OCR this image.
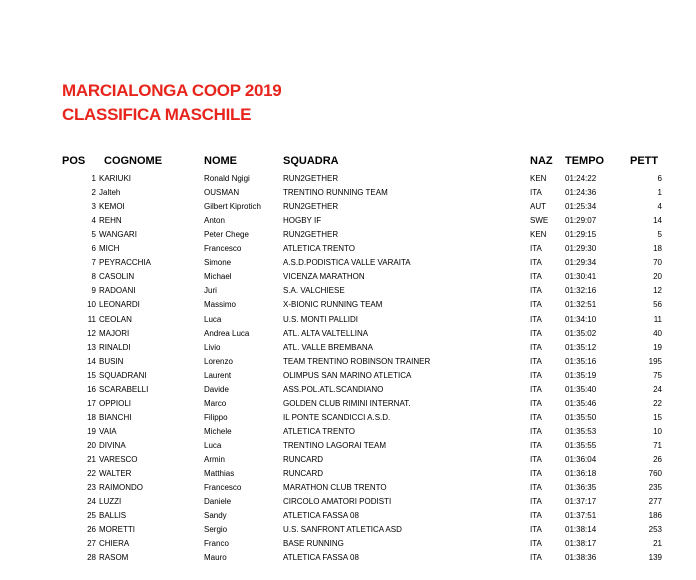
MARCIALONGA COOP 2019
CLASSIFICA MASCHILE
POS COGNOME	NOME	SQUADRA	NAZ TEMPO PETT
1 KARIUKI	Ronald Ngigi	RUN2GETHER	KEN 01:24:22	6
2 Jalteh	OUSMAN	TRENTINO RUNNING TEAM	ITA	01:24:36	1
3 KEMOI	Gilbert Kiprotich	RUN2GETHER	AUT 01:25:34	4
4 REHN	Anton	HOGBY IF	SWE 01:29:07	14
5 WANGARI	Peter Chege	RUN2GETHER	KEN 01:29:15	5
6 MICH	Francesco	ATLETICA TRENTO	ITA	01:29:30	18
7 PEYRACCHIA	Simone	A.S.D.PODISTICA VALLE VARAITA	ITA	01:29:34	70
8 CASOLIN	Michael	VICENZA MARATHON	ITA	01:30:41	20
9 RADOANI	Juri	S.A. VALCHIESE	ITA	01:32:16	12
10 LEONARDI	Massimo	X-BIONIC RUNNING TEAM	ITA	01:32:51	56
11 CEOLAN	Luca	U.S. MONTI PALLIDI	ITA	01:34:10	11
12 MAJORI	Andrea Luca	ATL. ALTA VALTELLINA	ITA	01:35:02	40
13 RINALDI	Livio	ATL. VALLE BREMBANA	ITA	01:35:12	19
14 BUSIN	Lorenzo	TEAM TRENTINO ROBINSON TRAINER	ITA	01:35:16	195
15 SQUADRANI	Laurent	OLIMPUS SAN MARINO ATLETICA	ITA	01:35:19	75
16 SCARABELLI	Davide	ASS.POL.ATL.SCANDIANO	ITA	01:35:40	24
17 OPPIOLI	Marco	GOLDEN CLUB RIMINI INTERNAT.	ITA	01:35:46	22
18 BIANCHI	Filippo	IL PONTE SCANDICCI A.S.D.	ITA	01:35:50	15
19 VAIA	Michele	ATLETICA TRENTO	ITA	01:35:53	10
20 DIVINA	Luca	TRENTINO LAGORAI TEAM	ITA	01:35:55	71
21 VARESCO	Armin	RUNCARD	ITA	01:36:04	26
22 WALTER	Matthias	RUNCARD	ITA	01:36:18	760
23 RAIMONDO	Francesco	MARATHON CLUB TRENTO	ITA	01:36:35	235
24 LUZZI	Daniele	CIRCOLO AMATORI PODISTI	ITA	01:37:17	277
25 BALLIS	Sandy	ATLETICA FASSA 08	ITA	01:37:51	186
26 MORETTI	Sergio	U.S. SANFRONT ATLETICA ASD	ITA	01:38:14	253
27 CHIERA	Franco	BASE RUNNING	ITA	01:38:17	21
28 RASOM	Mauro	ATLETICA FASSA 08	ITA	01:38:36	139
